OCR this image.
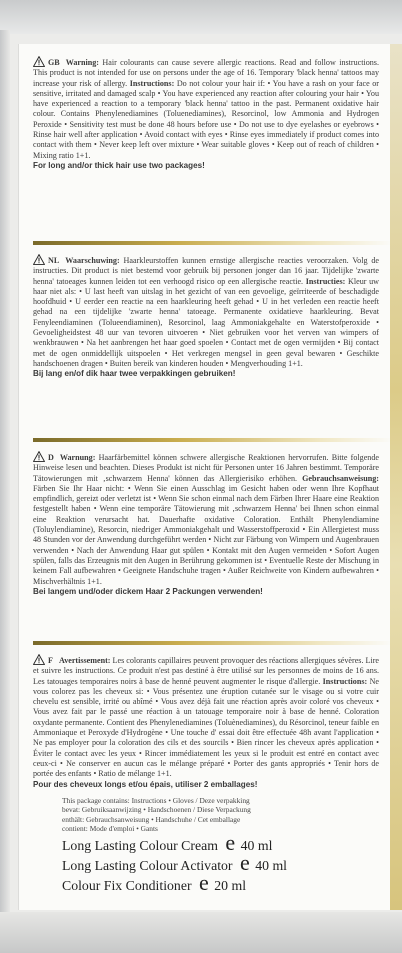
GB Warning: Hair colourants can cause severe allergic reactions. Read and follow instructions. This product is not intended for use on persons under the age of 16. Temporary 'black henna' tattoos may increase your risk of allergy. Instructions: Do not colour your hair if: • You have a rash on your face or sensitive, irritated and damaged scalp • You have experienced any reaction after colouring your hair • You have experienced a reaction to a temporary 'black henna' tattoo in the past. Permanent oxidative hair colour. Contains Phenylenediamines (Toluenediamines), Resorcinol, low Ammonia and Hydrogen Peroxide • Sensitivity test must be done 48 hours before use • Do not use to dye eyelashes or eyebrows • Rinse hair well after application • Avoid contact with eyes • Rinse eyes immediately if product comes into contact with them • Never keep left over mixture • Wear suitable gloves • Keep out of reach of children • Mixing ratio 1+1.
For long and/or thick hair use two packages!
NL Waarschuwing: Haarkleurstoffen kunnen ernstige allergische reacties veroorzaken. Volg de instructies. Dit product is niet bestemd voor gebruik bij personen jonger dan 16 jaar. Tijdelijke 'zwarte henna' tatoeages kunnen leiden tot een verhoogd risico op een allergische reactie. Instructies: Kleur uw haar niet als: • U last heeft van uitslag in het gezicht of van een gevoelige, geïrriteerde of beschadigde hoofdhuid • U eerder een reactie na een haarkleuring heeft gehad • U in het verleden een reactie heeft gehad na een tijdelijke 'zwarte henna' tatoeage. Permanente oxidatieve haarkleuring. Bevat Fenyleendiaminen (Tolueendiaminen), Resorcinol, laag Ammoniakgehalte en Waterstofperoxide • Gevoeligheidstest 48 uur van tevoren uitvoeren • Niet gebruiken voor het verven van wimpers of wenkbrauwen • Na het aanbrengen het haar goed spoelen • Contact met de ogen vermijden • Bij contact met de ogen onmiddellijk uitspoelen • Het verkregen mengsel in geen geval bewaren • Geschikte handschoenen dragen • Buiten bereik van kinderen houden • Mengverhouding 1+1.
Bij lang en/of dik haar twee verpakkingen gebruiken!
D Warnung: Haarfärbemittel können schwere allergische Reaktionen hervorrufen. Bitte folgende Hinweise lesen und beachten. Dieses Produkt ist nicht für Personen unter 16 Jahren bestimmt. Temporäre Tätowierungen mit ‚schwarzem Henna' können das Allergierisiko erhöhen. Gebrauchsanweisung: Färben Sie Ihr Haar nicht: • Wenn Sie einen Ausschlag im Gesicht haben oder wenn Ihre Kopfhaut empfindlich, gereizt oder verletzt ist • Wenn Sie schon einmal nach dem Färben Ihrer Haare eine Reaktion festgestellt haben • Wenn eine temporäre Tätowierung mit ‚schwarzem Henna' bei Ihnen schon einmal eine Reaktion verursacht hat. Dauerhafte oxidative Coloration. Enthält Phenylendiamine (Toluylendiamine), Resorcin, niedriger Ammoniakgehalt und Wasserstoffperoxid • Ein Allergietest muss 48 Stunden vor der Anwendung durchgeführt werden • Nicht zur Färbung von Wimpern und Augenbrauen verwenden • Nach der Anwendung Haar gut spülen • Kontakt mit den Augen vermeiden • Sofort Augen spülen, falls das Erzeugnis mit den Augen in Berührung gekommen ist • Eventuelle Reste der Mischung in keinem Fall aufbewahren • Geeignete Handschuhe tragen • Außer Reichweite von Kindern aufbewahren • Mischverhältnis 1+1.
Bei langem und/oder dickem Haar 2 Packungen verwenden!
F Avertissement: Les colorants capillaires peuvent provoquer des réactions allergiques sévères. Lire et suivre les instructions. Ce produit n'est pas destiné à être utilisé sur les personnes de moins de 16 ans. Les tatouages temporaires noirs à base de henné peuvent augmenter le risque d'allergie. Instructions: Ne vous colorez pas les cheveux si: • Vous présentez une éruption cutanée sur le visage ou si votre cuir chevelu est sensible, irrité ou abîmé • Vous avez déjà fait une réaction après avoir coloré vos cheveux • Vous avez fait par le passé une réaction à un tatouage temporaire noir à base de henné. Coloration oxydante permanente. Contient des Phenylenediamines (Toluènediamines), du Résorcinol, teneur faible en Ammoniaque et Peroxyde d'Hydrogène • Une touche d' essai doit être effectuée 48h avant l'application • Ne pas employer pour la coloration des cils et des sourcils • Bien rincer les cheveux après application • Éviter le contact avec les yeux • Rincer immédiatement les yeux si le produit est entré en contact avec ceux-ci • Ne conserver en aucun cas le mélange préparé • Porter des gants appropriés • Tenir hors de portée des enfants • Ratio de mélange 1+1.
Pour des cheveux longs et/ou épais, utiliser 2 emballages!
This package contains: Instructions • Gloves / Deze verpakking
bevat: Gebruiksaanwijzing • Handschoenen / Diese Verpackung
enthält: Gebrauchsanweisung • Handschuhe / Cet emballage
contient: Mode d'emploi • Gants
Long Lasting Colour Cream e 40 ml
Long Lasting Colour Activator e 40 ml
Colour Fix Conditioner e 20 ml
